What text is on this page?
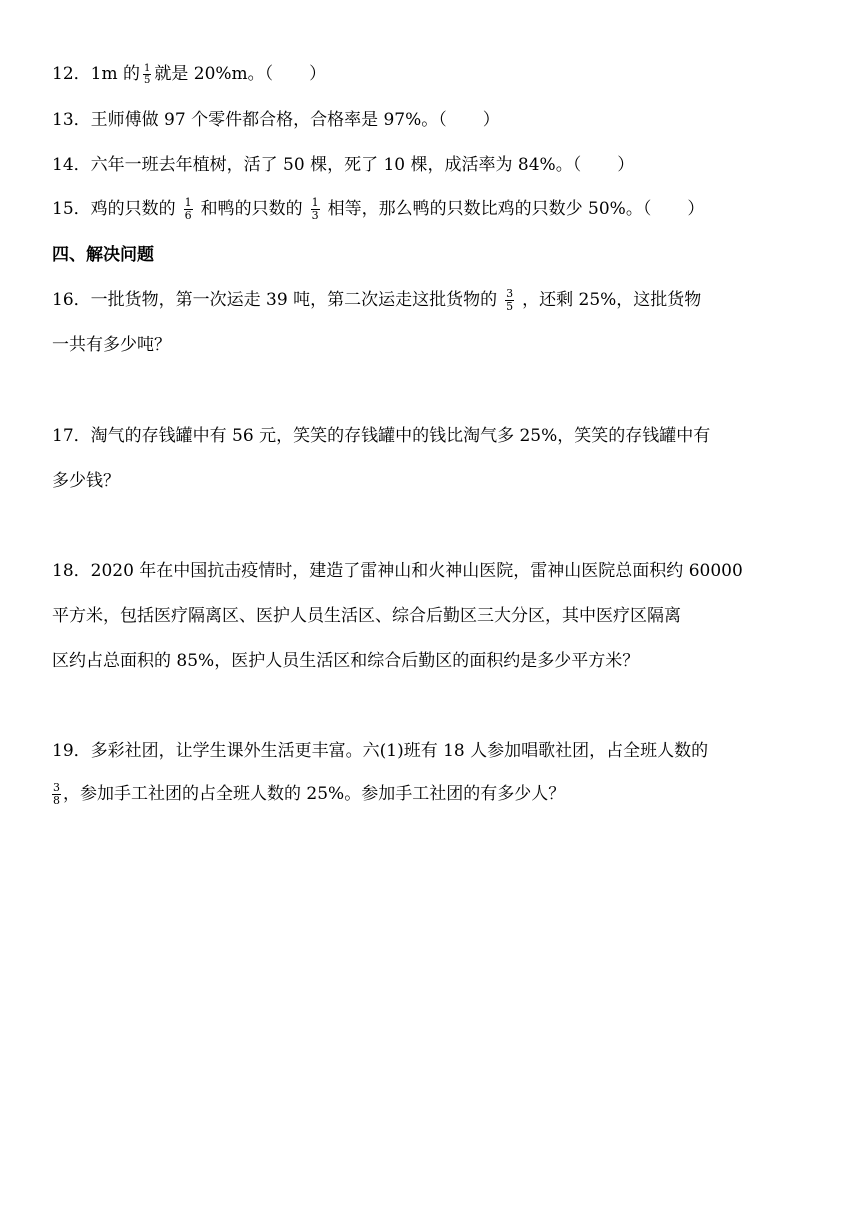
12．1m 的 $\frac{1}{5}$ 就是 20%m。（ ）
13．王师傅做 97 个零件都合格，合格率是 97%。（ ）
14．六年一班去年植树，活了 50 棵，死了 10 棵，成活率为 84%。（ ）
15．鸡的只数的 $\frac{1}{6}$ 和鸭的只数的 $\frac{1}{3}$ 相等，那么鸭的只数比鸡的只数少 50%。（ ）
四、解决问题
16．一批货物，第一次运走 39 吨，第二次运走这批货物的 $\frac{3}{5}$ ，还剩 25%，这批货物
一共有多少吨？
17．淘气的存钱罐中有 56 元，笑笑的存钱罐中的钱比淘气多 25%，笑笑的存钱罐中有
多少钱？
18．2020 年在中国抗击疫情时，建造了雷神山和火神山医院，雷神山医院总面积约 60000
平方米，包括医疗隔离区、医护人员生活区、综合后勤区三大分区，其中医疗区隔离
区约占总面积的 85%，医护人员生活区和综合后勤区的面积约是多少平方米？
19．多彩社团，让学生课外生活更丰富。六(1)班有 18 人参加唱歌社团，占全班人数的
$\frac{3}{8}$ ，参加手工社团的占全班人数的 25%。参加手工社团的有多少人？
